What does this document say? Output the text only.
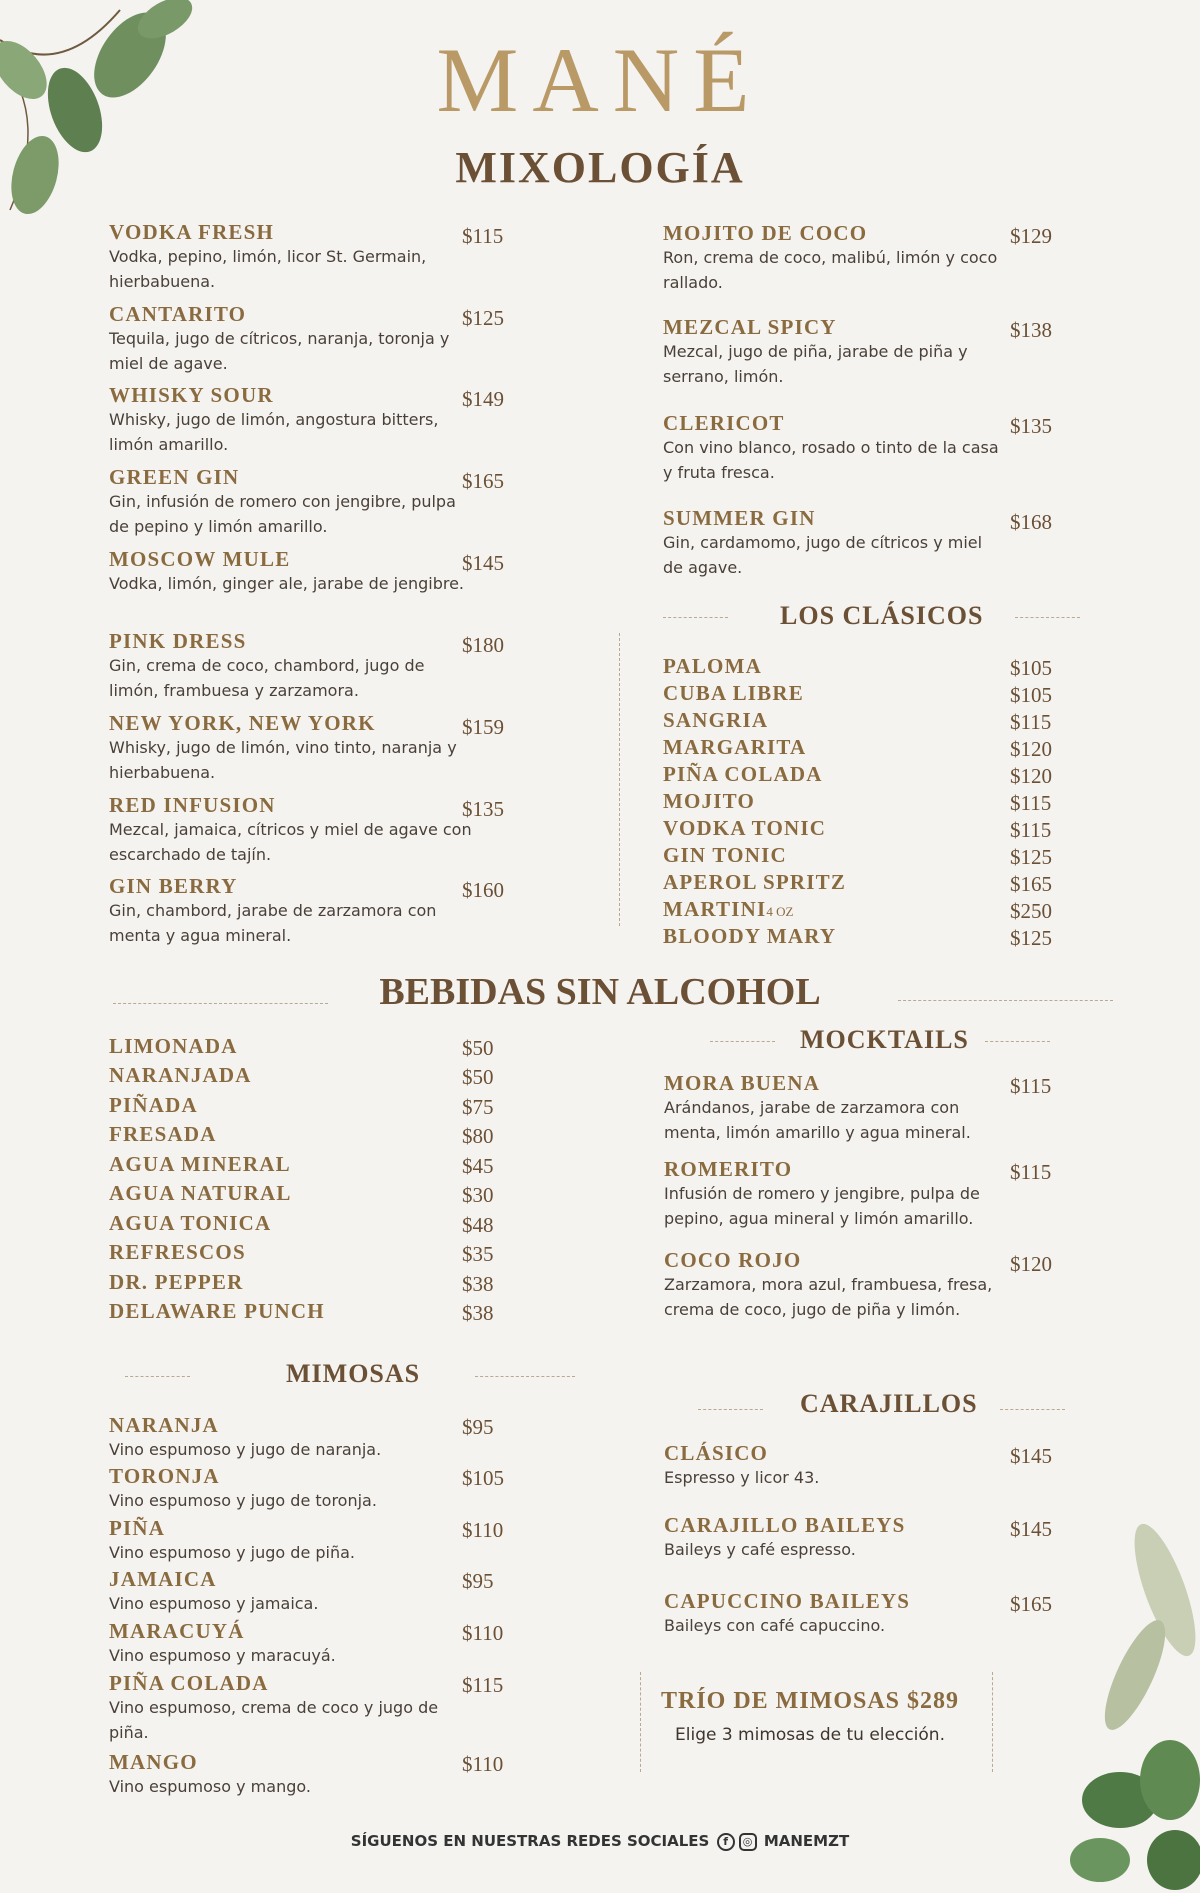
MANÉ
MIXOLOGÍA
VODKA FRESH
Vodka, pepino, limón, licor St. Germain, hierbabuena.
$115
CANTARITO
Tequila, jugo de cítricos, naranja, toronja y miel de agave.
$125
WHISKY SOUR
Whisky, jugo de limón, angostura bitters, limón amarillo.
$149
GREEN GIN
Gin, infusión de romero con jengibre, pulpa de pepino y limón amarillo.
$165
MOSCOW MULE
Vodka, limón, ginger ale, jarabe de jengibre.
$145
PINK DRESS
Gin, crema de coco, chambord, jugo de limón, frambuesa y zarzamora.
$180
NEW YORK, NEW YORK
Whisky, jugo de limón, vino tinto, naranja y hierbabuena.
$159
RED INFUSION
Mezcal, jamaica, cítricos y miel de agave con escarchado de tajín.
$135
GIN BERRY
Gin, chambord, jarabe de zarzamora con menta y agua mineral.
$160
MOJITO DE COCO
Ron, crema de coco, malibú, limón y coco rallado.
$129
MEZCAL SPICY
Mezcal, jugo de piña, jarabe de piña y serrano, limón.
$138
CLERICOT
Con vino blanco, rosado o tinto de la casa y fruta fresca.
$135
SUMMER GIN
Gin, cardamomo, jugo de cítricos y miel de agave.
$168
LOS CLÁSICOS
PALOMA	$105
CUBA LIBRE	$105
SANGRIA	$115
MARGARITA	$120
PIÑA COLADA	$120
MOJITO	$115
VODKA TONIC	$115
GIN TONIC	$125
APEROL SPRITZ	$165
MARTINI4 OZ	$250
BLOODY MARY	$125
BEBIDAS SIN ALCOHOL
LIMONADA	$50
NARANJADA	$50
PIÑADA	$75
FRESADA	$80
AGUA MINERAL	$45
AGUA NATURAL	$30
AGUA TONICA	$48
REFRESCOS	$35
DR. PEPPER	$38
DELAWARE PUNCH	$38
MIMOSAS
NARANJA
Vino espumoso y jugo de naranja.
$95
TORONJA
Vino espumoso y jugo de toronja.
$105
PIÑA
Vino espumoso y jugo de piña.
$110
JAMAICA
Vino espumoso y jamaica.
$95
MARACUYÁ
Vino espumoso y maracuyá.
$110
PIÑA COLADA
Vino espumoso, crema de coco y jugo de piña.
$115
MANGO
Vino espumoso y mango.
$110
MOCKTAILS
MORA BUENA
Arándanos, jarabe de zarzamora con menta, limón amarillo y agua mineral.
$115
ROMERITO
Infusión de romero y jengibre, pulpa de pepino, agua mineral y limón amarillo.
$115
COCO ROJO
Zarzamora, mora azul, frambuesa, fresa, crema de coco, jugo de piña y limón.
$120
CARAJILLOS
CLÁSICO
Espresso y licor 43.
$145
CARAJILLO BAILEYS
Baileys y café espresso.
$145
CAPUCCINO BAILEYS
Baileys con café capuccino.
$165
TRÍO DE MIMOSAS $289
Elige 3 mimosas de tu elección.
SÍGUENOS EN NUESTRAS REDES SOCIALES f ◎ MANEMZT
